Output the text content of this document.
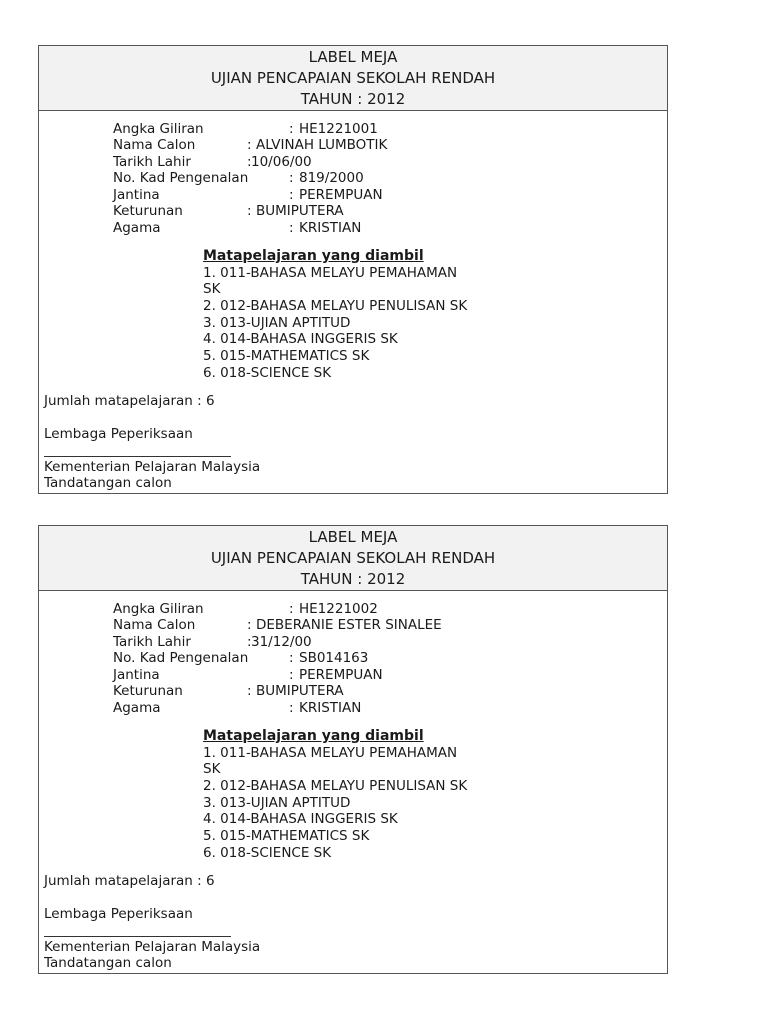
LABEL MEJA
UJIAN PENCAPAIAN SEKOLAH RENDAH
TAHUN : 2012
Angka Giliran	: HE1221001
Nama Calon	: ALVINAH LUMBOTIK
Tarikh Lahir	: 10/06/00
No. Kad Pengenalan	: 819/2000
Jantina	: PEREMPUAN
Keturunan	: BUMIPUTERA
Agama	: KRISTIAN
Matapelajaran yang diambil
1. 011-BAHASA MELAYU PEMAHAMAN
SK
2. 012-BAHASA MELAYU PENULISAN SK
3. 013-UJIAN APTITUD
4. 014-BAHASA INGGERIS SK
5. 015-MATHEMATICS SK
6. 018-SCIENCE SK
Jumlah matapelajaran : 6
Lembaga Peperiksaan
Kementerian Pelajaran Malaysia
Tandatangan calon
LABEL MEJA
UJIAN PENCAPAIAN SEKOLAH RENDAH
TAHUN : 2012
Angka Giliran	: HE1221002
Nama Calon	: DEBERANIE ESTER SINALEE
Tarikh Lahir	: 31/12/00
No. Kad Pengenalan	: SB014163
Jantina	: PEREMPUAN
Keturunan	: BUMIPUTERA
Agama	: KRISTIAN
Matapelajaran yang diambil
1. 011-BAHASA MELAYU PEMAHAMAN
SK
2. 012-BAHASA MELAYU PENULISAN SK
3. 013-UJIAN APTITUD
4. 014-BAHASA INGGERIS SK
5. 015-MATHEMATICS SK
6. 018-SCIENCE SK
Jumlah matapelajaran : 6
Lembaga Peperiksaan
Kementerian Pelajaran Malaysia
Tandatangan calon
